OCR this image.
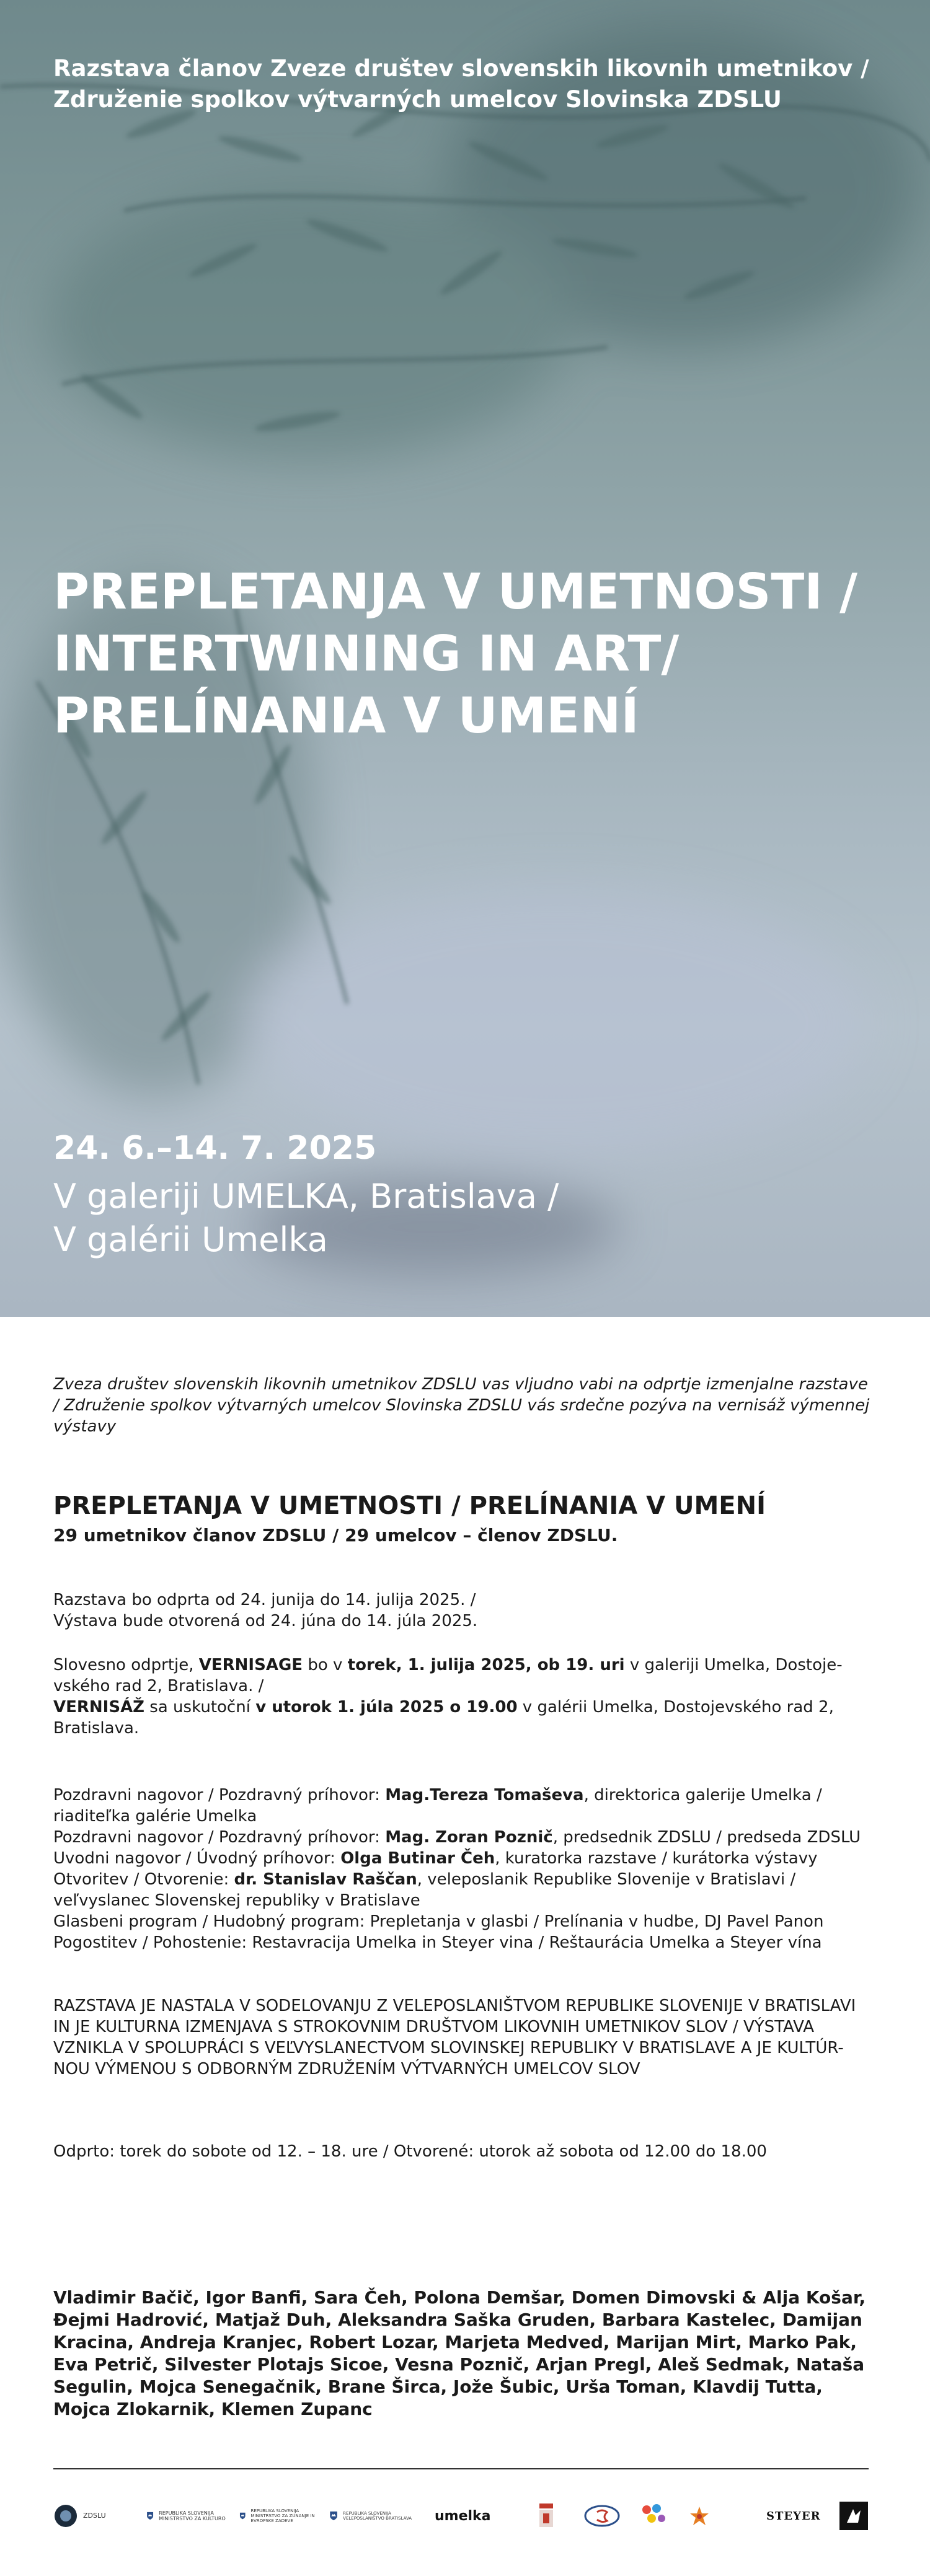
Razstava članov Zveze društev slovenskih likovnih umetnikov /
Združenie spolkov výtvarných umelcov Slovinska ZDSLU
PREPLETANJA V UMETNOSTI /
INTERTWINING IN ART/
PRELÍNANIA V UMENÍ
24. 6.–14. 7. 2025
V galeriji UMELKA, Bratislava /
V galérii Umelka

Zveza društev slovenskih likovnih umetnikov ZDSLU vas vljudno vabi na odprtje izmenjalne razstave / Združenie spolkov výtvarných umelcov Slovinska ZDSLU vás srdečne pozýva na vernisáž výmennej výstavy

PREPLETANJA V UMETNOSTI / PRELÍNANIA V UMENÍ
29 umetnikov članov ZDSLU / 29 umelcov – členov ZDSLU.
Razstava bo odprta od 24. junija do 14. julija 2025. /
Výstava bude otvorená od 24. júna do 14. júla 2025.
Slovesno odprtje, VERNISAGE bo v torek, 1. julija 2025, ob 19. uri v galeriji Umelka, Dostoje-vského rad 2, Bratislava. /
VERNISÁŽ sa uskutoční v utorok 1. júla 2025 o 19.00 v galérii Umelka, Dostojevského rad 2, Bratislava.
Pozdravni nagovor / Pozdravný príhovor: Mag.Tereza Tomaševa, direktorica galerije Umelka / riaditeľka galérie Umelka
Pozdravni nagovor / Pozdravný príhovor: Mag. Zoran Poznič, predsednik ZDSLU / predseda ZDSLU
Uvodni nagovor / Úvodný príhovor: Olga Butinar Čeh, kuratorka razstave / kurátorka výstavy
Otvoritev / Otvorenie: dr. Stanislav Raščan, veleposlanik Republike Slovenije v Bratislavi / veľvyslanec Slovenskej republiky v Bratislave
Glasbeni program / Hudobný program: Prepletanja v glasbi / Prelínania v hudbe, DJ Pavel Panon
Pogostitev / Pohostenie: Restavracija Umelka in Steyer vina / Reštaurácia Umelka a Steyer vína

RAZSTAVA JE NASTALA V SODELOVANJU Z VELEPOSLANIŠTVOM REPUBLIKE SLOVENIJE V BRATISLAVI IN JE KULTURNA IZMENJAVA S STROKOVNIM DRUŠTVOM LIKOVNIH UMETNIKOV SLOV / VÝSTAVA VZNIKLA V SPOLUPRÁCI S VEĽVYSLANECTVOM SLOVINSKEJ REPUBLIKY V BRATISLAVE A JE KULTÚR-NOU VÝMENOU S ODBORNÝM ZDRUŽENÍM VÝTVARNÝCH UMELCOV SLOV

Odprto: torek do sobote od 12. – 18. ure / Otvorené: utorok až sobota od 12.00 do 18.00

Vladimir Bačič, Igor Banfi, Sara Čeh, Polona Demšar, Domen Dimovski & Alja Košar, Đejmi Hadrović, Matjaž Duh, Aleksandra Saška Gruden, Barbara Kastelec, Damijan Kracina, Andreja Kranjec, Robert Lozar, Marjeta Medved, Marijan Mirt, Marko Pak, Eva Petrič, Silvester Plotajs Sicoe, Vesna Poznič, Arjan Pregl, Aleš Sedmak, Nataša Segulin, Mojca Senegačnik, Brane Širca, Jože Šubic, Urša Toman, Klavdij Tutta, Mojca Zlokarnik, Klemen Zupanc

ZDSLU	REPUBLIKA SLOVENIJA MINISTRSTVO ZA KULTURO
REPUBLIKA SLOVENIJA MINISTRSTVO ZA ZUNANJE IN EVROPSKE ZADEVE
REPUBLIKA SLOVENIJA VELEPOSLANIŠTVO BRATISLAVA	umelka	STEYER
